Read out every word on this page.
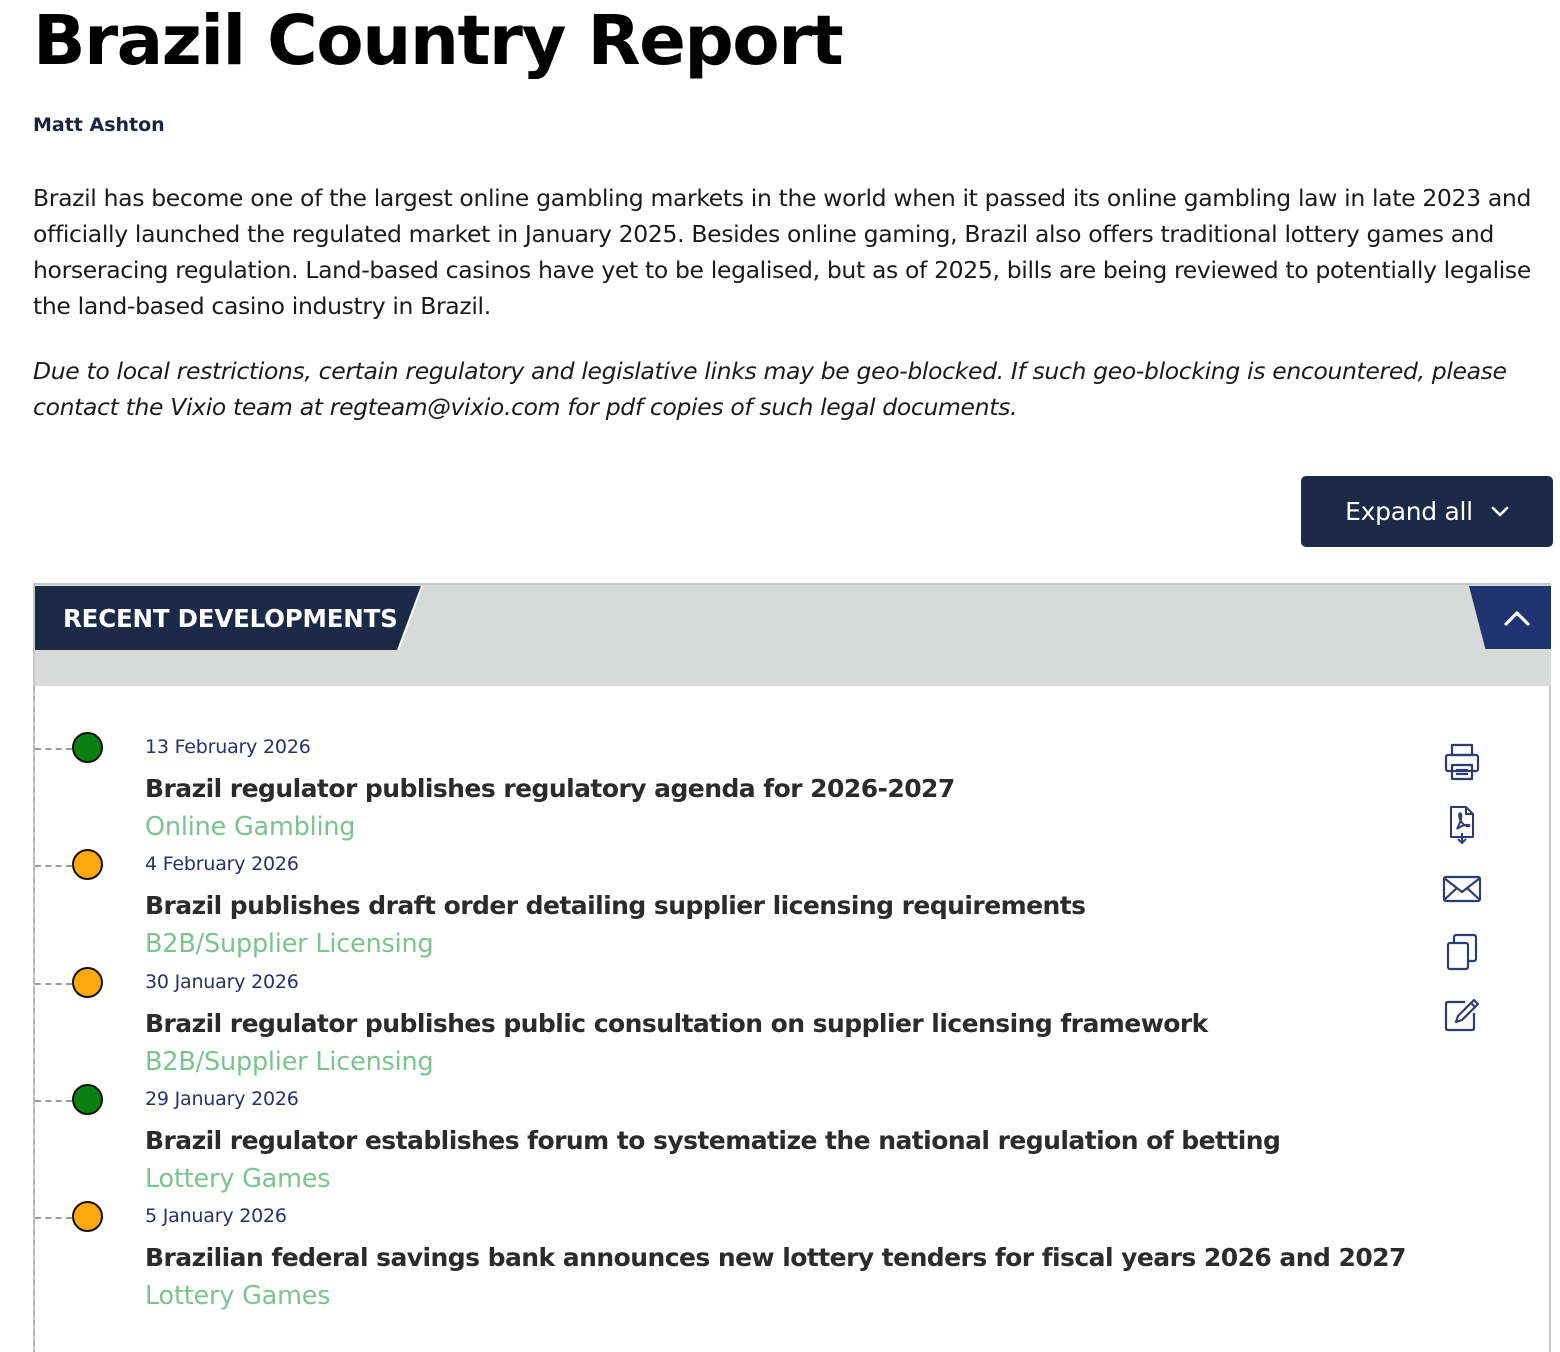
Brazil Country Report
Matt Ashton

Brazil has become one of the largest online gambling markets in the world when it passed its online gambling law in late 2023 and officially launched the regulated market in January 2025. Besides online gaming, Brazil also offers traditional lottery games and horseracing regulation. Land-based casinos have yet to be legalised, but as of 2025, bills are being reviewed to potentially legalise the land-based casino industry in Brazil.

Due to local restrictions, certain regulatory and legislative links may be geo-blocked. If such geo-blocking is encountered, please contact the Vixio team at regteam@vixio.com for pdf copies of such legal documents.

Expand all
RECENT DEVELOPMENTS
13 February 2026
Brazil regulator publishes regulatory agenda for 2026-2027
Online Gambling
4 February 2026
Brazil publishes draft order detailing supplier licensing requirements
B2B/Supplier Licensing
30 January 2026
Brazil regulator publishes public consultation on supplier licensing framework
B2B/Supplier Licensing
29 January 2026
Brazil regulator establishes forum to systematize the national regulation of betting
Lottery Games
5 January 2026
Brazilian federal savings bank announces new lottery tenders for fiscal years 2026 and 2027
Lottery Games
